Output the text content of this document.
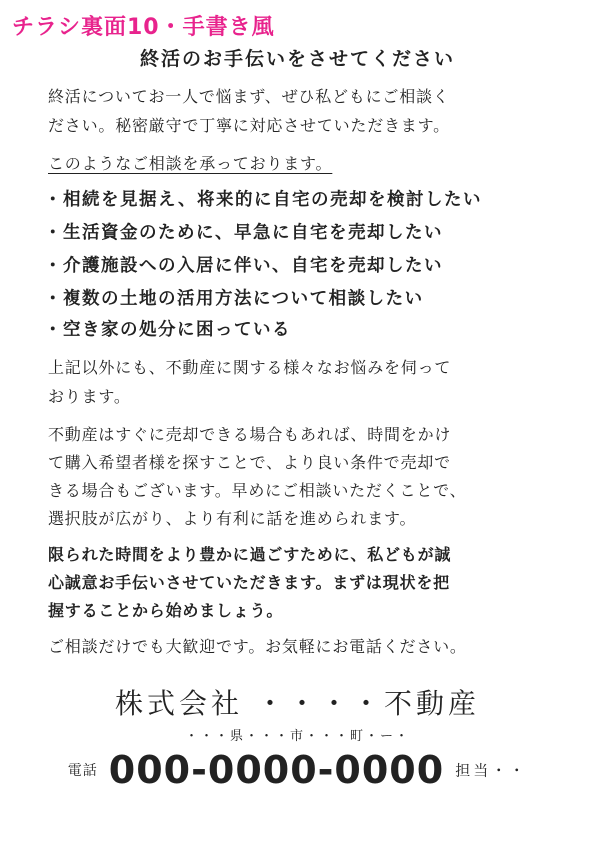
チラシ裏面10・手書き風
終活のお手伝いをさせてください
終活についてお一人で悩まず、ぜひ私どもにご相談く
ださい。秘密厳守で丁寧に対応させていただきます。
このようなご相談を承っております。
・相続を見据え、将来的に自宅の売却を検討したい
・生活資金のために、早急に自宅を売却したい
・介護施設への入居に伴い、自宅を売却したい
・複数の土地の活用方法について相談したい
・空き家の処分に困っている
上記以外にも、不動産に関する様々なお悩みを伺って
おります。
不動産はすぐに売却できる場合もあれば、時間をかけ
て購入希望者様を探すことで、より良い条件で売却で
きる場合もございます。早めにご相談いただくことで、
選択肢が広がり、より有利に話を進められます。
限られた時間をより豊かに過ごすために、私どもが誠
心誠意お手伝いさせていただきます。まずは現状を把
握することから始めましょう。
ご相談だけでも大歓迎です。お気軽にお電話ください。
株式会社 ・・・・不動産
・・・県・・・市・・・町・ー・
電話 000-0000-0000 担当・・
